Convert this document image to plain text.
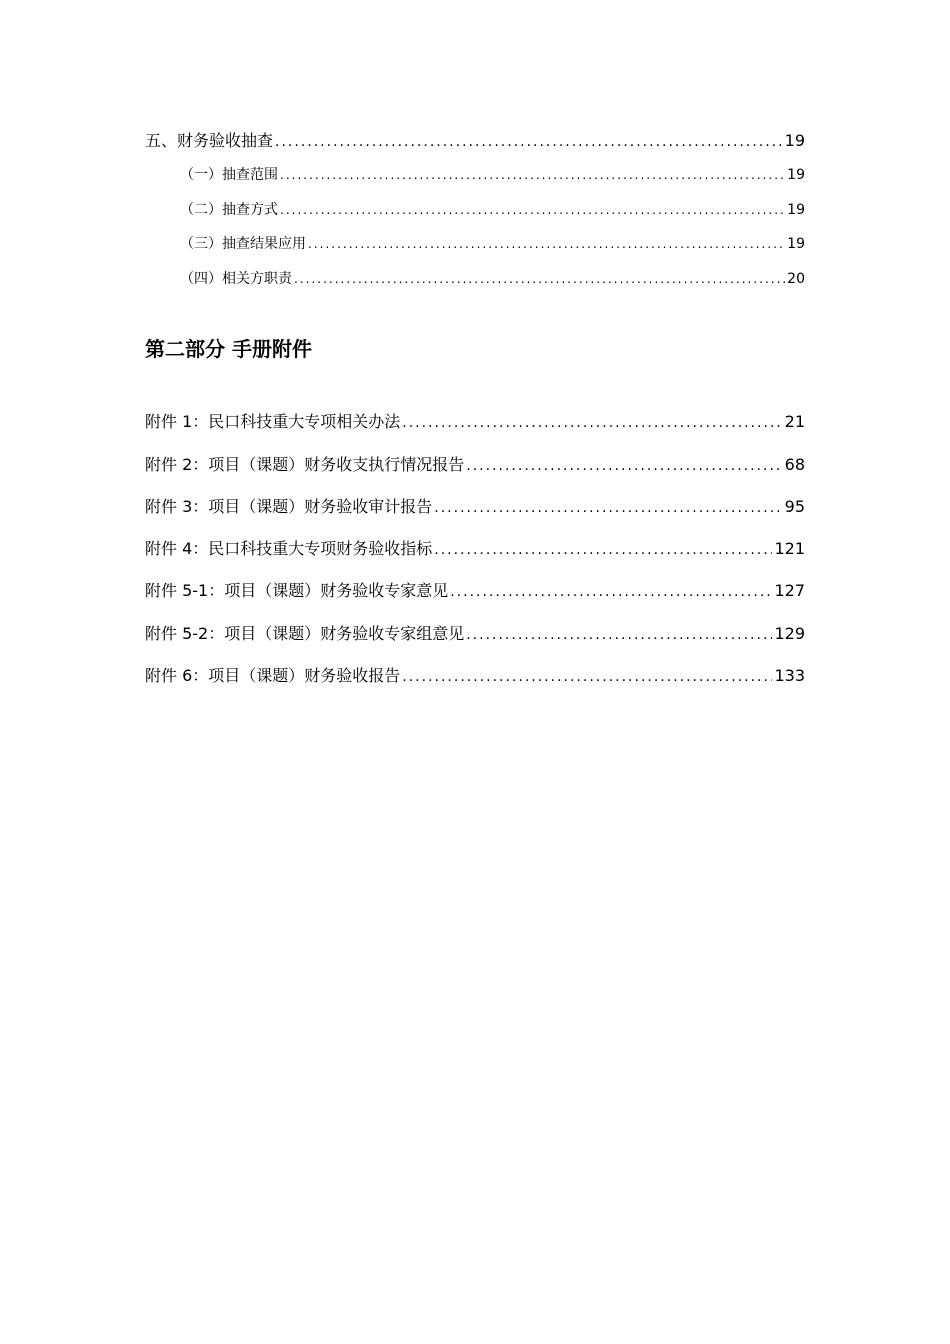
五、财务验收抽查 .....	19
（一）抽查范围 .....	19
（二）抽查方式 .....	19
（三）抽查结果应用 .....	19
（四）相关方职责 .....	20
第二部分 手册附件
附件 1：民口科技重大专项相关办法 .....	21
附件 2：项目（课题）财务收支执行情况报告 .....	68
附件 3：项目（课题）财务验收审计报告 .....	95
附件 4：民口科技重大专项财务验收指标 .....	121
附件 5-1：项目（课题）财务验收专家意见 .....	127
附件 5-2：项目（课题）财务验收专家组意见 .....	129
附件 6：项目（课题）财务验收报告 .....	133
